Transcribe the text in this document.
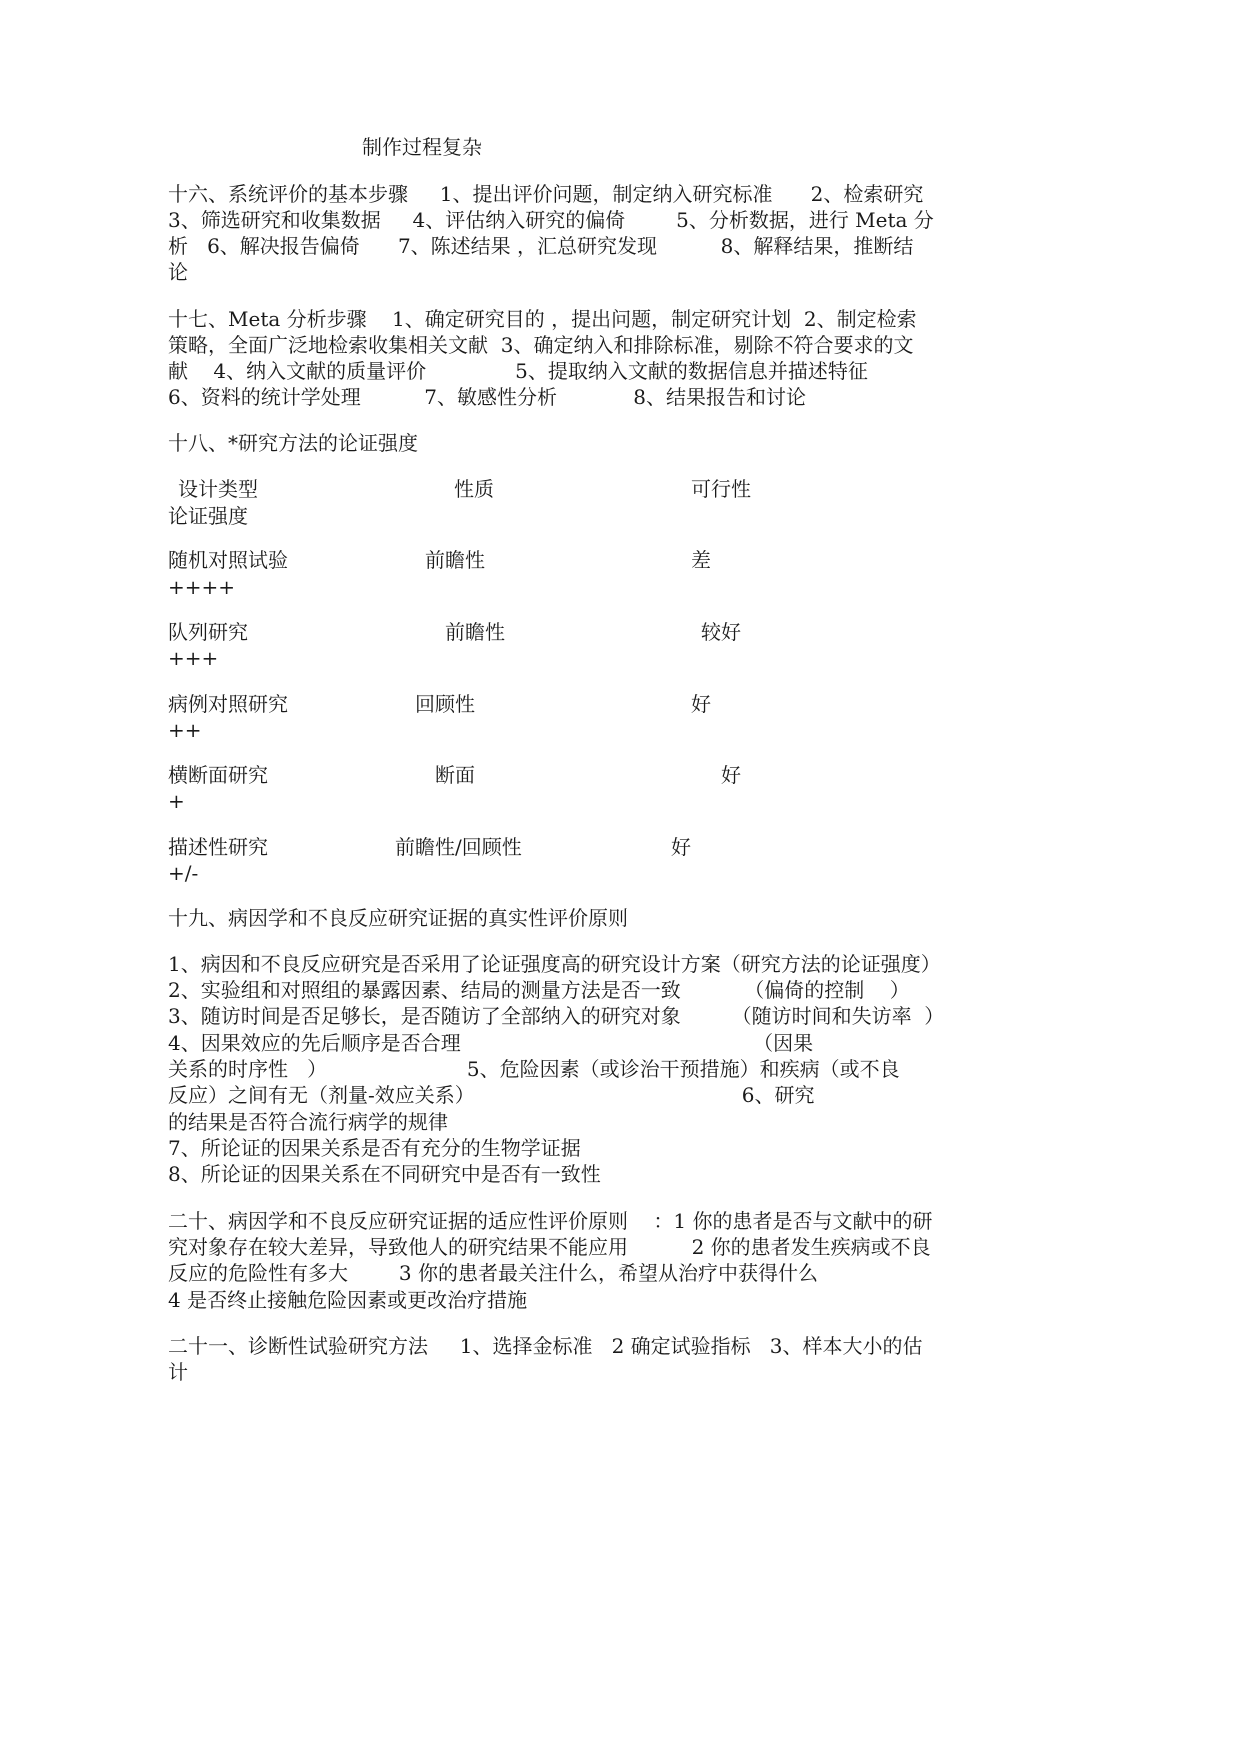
制作过程复杂
十六、系统评价的基本步骤     1、提出评价问题，制定纳入研究标准      2、检索研究
3、筛选研究和收集数据     4、评估纳入研究的偏倚        5、分析数据，进行 Meta 分
析   6、解决报告偏倚      7、陈述结果 ，汇总研究发现          8、解释结果，推断结
论
十七、Meta 分析步骤    1、确定研究目的 ，提出问题，制定研究计划  2、制定检索
策略，全面广泛地检索收集相关文献  3、确定纳入和排除标准，剔除不符合要求的文
献    4、纳入文献的质量评价              5、提取纳入文献的数据信息并描述特征
6、资料的统计学处理          7、敏感性分析            8、结果报告和讨论
十八、*研究方法的论证强度
设计类型	性质	可行性
论证强度
随机对照试验	前瞻性	差
++++
队列研究	前瞻性	较好
+++
病例对照研究	回顾性	好
++
横断面研究	断面	好
+
描述性研究	前瞻性/回顾性	好
+/-
十九、病因学和不良反应研究证据的真实性评价原则
1、病因和不良反应研究是否采用了论证强度高的研究设计方案（研究方法的论证强度）
2、实验组和对照组的暴露因素、结局的测量方法是否一致          （偏倚的控制    ）
3、随访时间是否足够长，是否随访了全部纳入的研究对象        （随访时间和失访率  ）
4、因果效应的先后顺序是否合理                                              （因果
关系的时序性   ）                      5、危险因素（或诊治干预措施）和疾病（或不良
反应）之间有无（剂量-效应关系）                                          6、研究
的结果是否符合流行病学的规律
7、所论证的因果关系是否有充分的生物学证据
8、所论证的因果关系在不同研究中是否有一致性
二十、病因学和不良反应研究证据的适应性评价原则    ：1 你的患者是否与文献中的研
究对象存在较大差异，导致他人的研究结果不能应用          2 你的患者发生疾病或不良
反应的危险性有多大        3 你的患者最关注什么，希望从治疗中获得什么
4 是否终止接触危险因素或更改治疗措施
二十一、诊断性试验研究方法     1、选择金标准   2 确定试验指标   3、样本大小的估
计
